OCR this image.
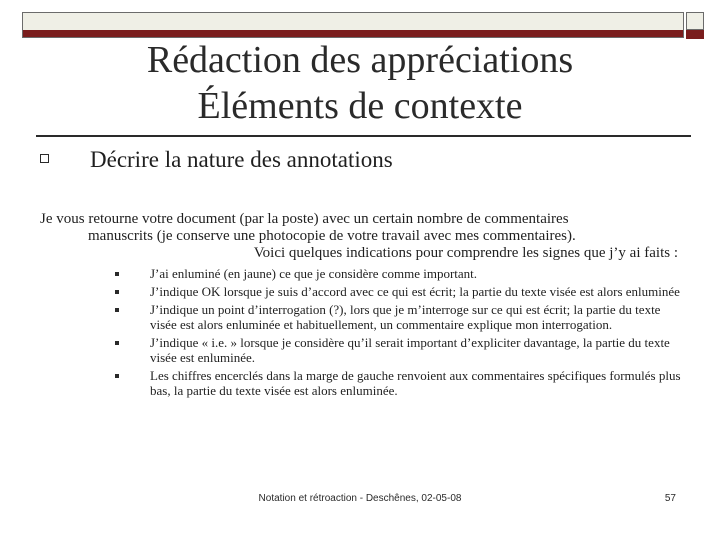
Rédaction des appréciations
Éléments de contexte
Décrire la nature des annotations
Je vous retourne votre document (par la poste) avec un certain nombre de commentaires
manuscrits (je conserve une photocopie de votre travail avec mes commentaires).
Voici quelques indications pour comprendre les signes que j’y ai faits :
J’ai enluminé (en jaune) ce que je considère comme important.
J’indique OK lorsque je suis d’accord avec ce qui est écrit; la partie du texte visée est alors enluminée
J’indique un point d’interrogation (?), lors que je m’interroge sur ce qui est écrit; la partie du texte visée est alors enluminée et habituellement, un commentaire explique mon interrogation.
J’indique « i.e. » lorsque je considère qu’il serait important d’expliciter davantage, la partie du texte visée est enluminée.
Les chiffres encerclés dans la marge de gauche renvoient aux commentaires spécifiques formulés plus bas, la partie du texte visée est alors enluminée.
Notation et rétroaction - Deschênes, 02-05-08	57
